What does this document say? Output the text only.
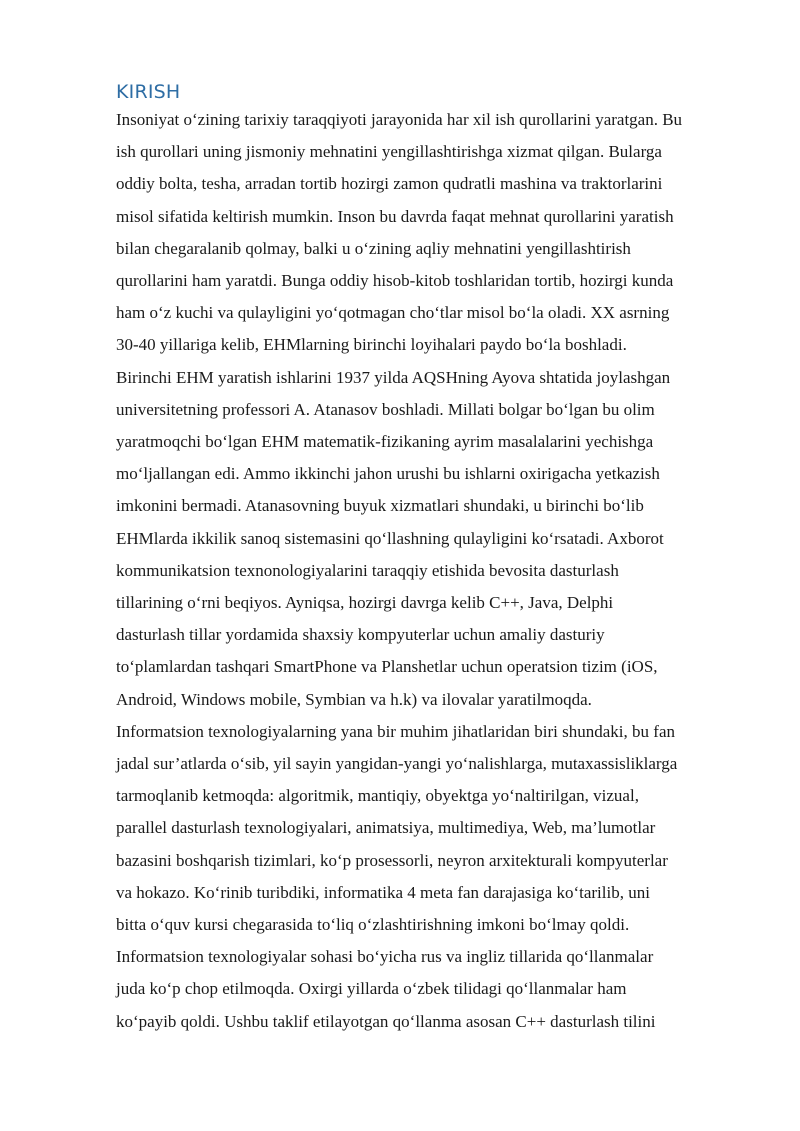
KIRISH

Insoniyat o‘zining tarixiy taraqqiyoti jarayonida har xil ish qurollarini yaratgan. Bu
ish qurollari uning jismoniy mehnatini yengillashtirishga xizmat qilgan. Bularga
oddiy bolta, tesha, arradan tortib hozirgi zamon qudratli mashina va traktorlarini
misol sifatida keltirish mumkin. Inson bu davrda faqat mehnat qurollarini yaratish
bilan chegaralanib qolmay, balki u o‘zining aqliy mehnatini yengillashtirish
qurollarini ham yaratdi. Bunga oddiy hisob-kitob toshlaridan tortib, hozirgi kunda
ham o‘z kuchi va qulayligini yo‘qotmagan cho‘tlar misol bo‘la oladi. XX asrning
30-40 yillariga kelib, EHMlarning birinchi loyihalari paydo bo‘la boshladi.
Birinchi EHM yaratish ishlarini 1937 yilda AQSHning Ayova shtatida joylashgan
universitetning professori A. Atanasov boshladi. Millati bolgar bo‘lgan bu olim
yaratmoqchi bo‘lgan EHM matematik-fizikaning ayrim masalalarini yechishga
mo‘ljallangan edi. Ammo ikkinchi jahon urushi bu ishlarni oxirigacha yetkazish
imkonini bermadi. Atanasovning buyuk xizmatlari shundaki, u birinchi bo‘lib
EHMlarda ikkilik sanoq sistemasini qo‘llashning qulayligini ko‘rsatadi. Axborot
kommunikatsion texnonologiyalarini taraqqiy etishida bevosita dasturlash
tillarining o‘rni beqiyos. Ayniqsa, hozirgi davrga kelib C++, Java, Delphi
dasturlash tillar yordamida shaxsiy kompyuterlar uchun amaliy dasturiy
to‘plamlardan tashqari SmartPhone va Planshetlar uchun operatsion tizim (iOS,
Android, Windows mobile, Symbian va h.k) va ilovalar yaratilmoqda.
Informatsion texnologiyalarning yana bir muhim jihatlaridan biri shundaki, bu fan
jadal sur’atlarda o‘sib, yil sayin yangidan-yangi yo‘nalishlarga, mutaxassisliklarga
tarmoqlanib ketmoqda: algoritmik, mantiqiy, obyektga yo‘naltirilgan, vizual,
parallel dasturlash texnologiyalari, animatsiya, multimediya, Web, ma’lumotlar
bazasini boshqarish tizimlari, ko‘p prosessorli, neyron arxitekturali kompyuterlar
va hokazo. Ko‘rinib turibdiki, informatika 4 meta fan darajasiga ko‘tarilib, uni
bitta o‘quv kursi chegarasida to‘liq o‘zlashtirishning imkoni bo‘lmay qoldi.
Informatsion texnologiyalar sohasi bo‘yicha rus va ingliz tillarida qo‘llanmalar
juda ko‘p chop etilmoqda. Oxirgi yillarda o‘zbek tilidagi qo‘llanmalar ham
ko‘payib qoldi. Ushbu taklif etilayotgan qo‘llanma asosan C++ dasturlash tilini
